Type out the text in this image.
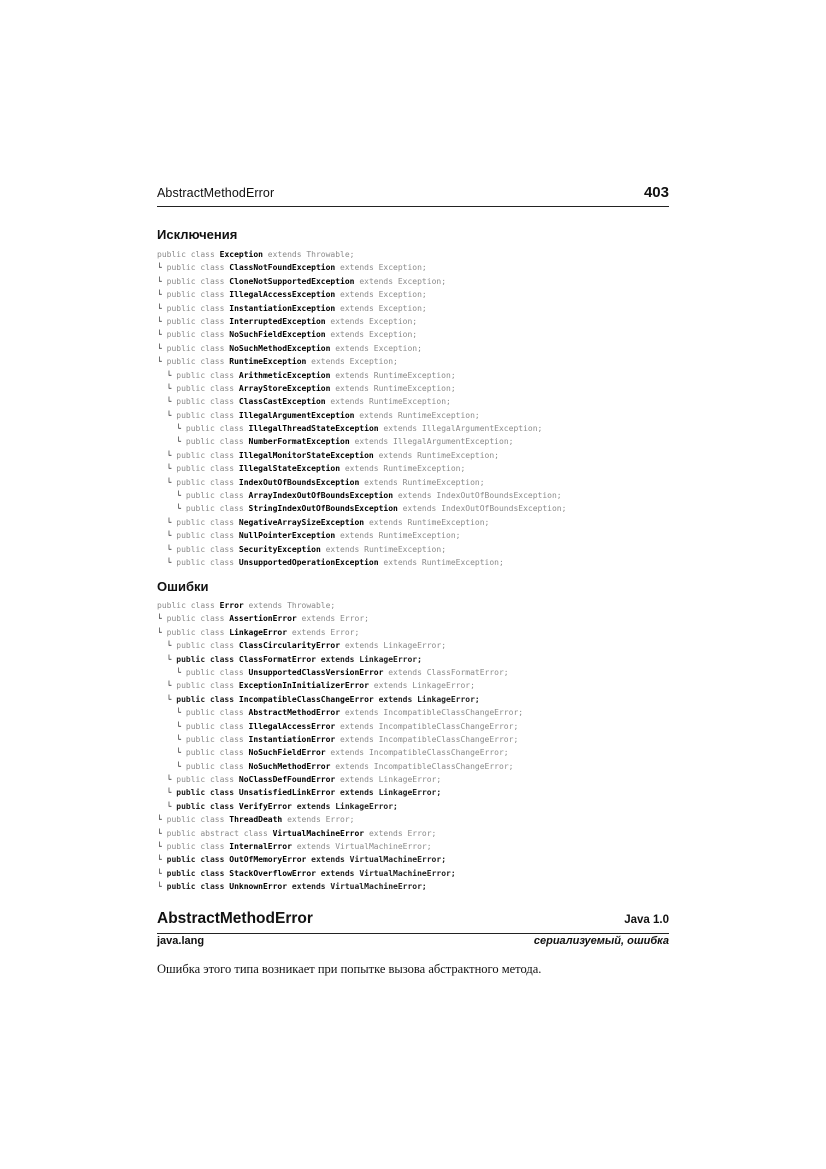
AbstractMethodError	403
Исключения
public class Exception extends Throwable;
└ public class ClassNotFoundException extends Exception;
└ public class CloneNotSupportedException extends Exception;
└ public class IllegalAccessException extends Exception;
└ public class InstantiationException extends Exception;
└ public class InterruptedException extends Exception;
└ public class NoSuchFieldException extends Exception;
└ public class NoSuchMethodException extends Exception;
└ public class RuntimeException extends Exception;
└ public class ArithmeticException extends RuntimeException;
└ public class ArrayStoreException extends RuntimeException;
└ public class ClassCastException extends RuntimeException;
└ public class IllegalArgumentException extends RuntimeException;
└ public class IllegalThreadStateException extends IllegalArgumentException;
└ public class NumberFormatException extends IllegalArgumentException;
└ public class IllegalMonitorStateException extends RuntimeException;
└ public class IllegalStateException extends RuntimeException;
└ public class IndexOutOfBoundsException extends RuntimeException;
└ public class ArrayIndexOutOfBoundsException extends IndexOutOfBoundsException;
└ public class StringIndexOutOfBoundsException extends IndexOutOfBoundsException;
└ public class NegativeArraySizeException extends RuntimeException;
└ public class NullPointerException extends RuntimeException;
└ public class SecurityException extends RuntimeException;
└ public class UnsupportedOperationException extends RuntimeException;
Ошибки
public class Error extends Throwable;
└ public class AssertionError extends Error;
└ public class LinkageError extends Error;
└ public class ClassCircularityError extends LinkageError;
└ public class ClassFormatError extends LinkageError;
└ public class UnsupportedClassVersionError extends ClassFormatError;
└ public class ExceptionInInitializerError extends LinkageError;
└ public class IncompatibleClassChangeError extends LinkageError;
└ public class AbstractMethodError extends IncompatibleClassChangeError;
└ public class IllegalAccessError extends IncompatibleClassChangeError;
└ public class InstantiationError extends IncompatibleClassChangeError;
└ public class NoSuchFieldError extends IncompatibleClassChangeError;
└ public class NoSuchMethodError extends IncompatibleClassChangeError;
└ public class NoClassDefFoundError extends LinkageError;
└ public class UnsatisfiedLinkError extends LinkageError;
└ public class VerifyError extends LinkageError;
└ public class ThreadDeath extends Error;
└ public abstract class VirtualMachineError extends Error;
└ public class InternalError extends VirtualMachineError;
└ public class OutOfMemoryError extends VirtualMachineError;
└ public class StackOverflowError extends VirtualMachineError;
└ public class UnknownError extends VirtualMachineError;
AbstractMethodError	Java 1.0
java.lang	сериализуемый, ошибка
Ошибка этого типа возникает при попытке вызова абстрактного метода.
